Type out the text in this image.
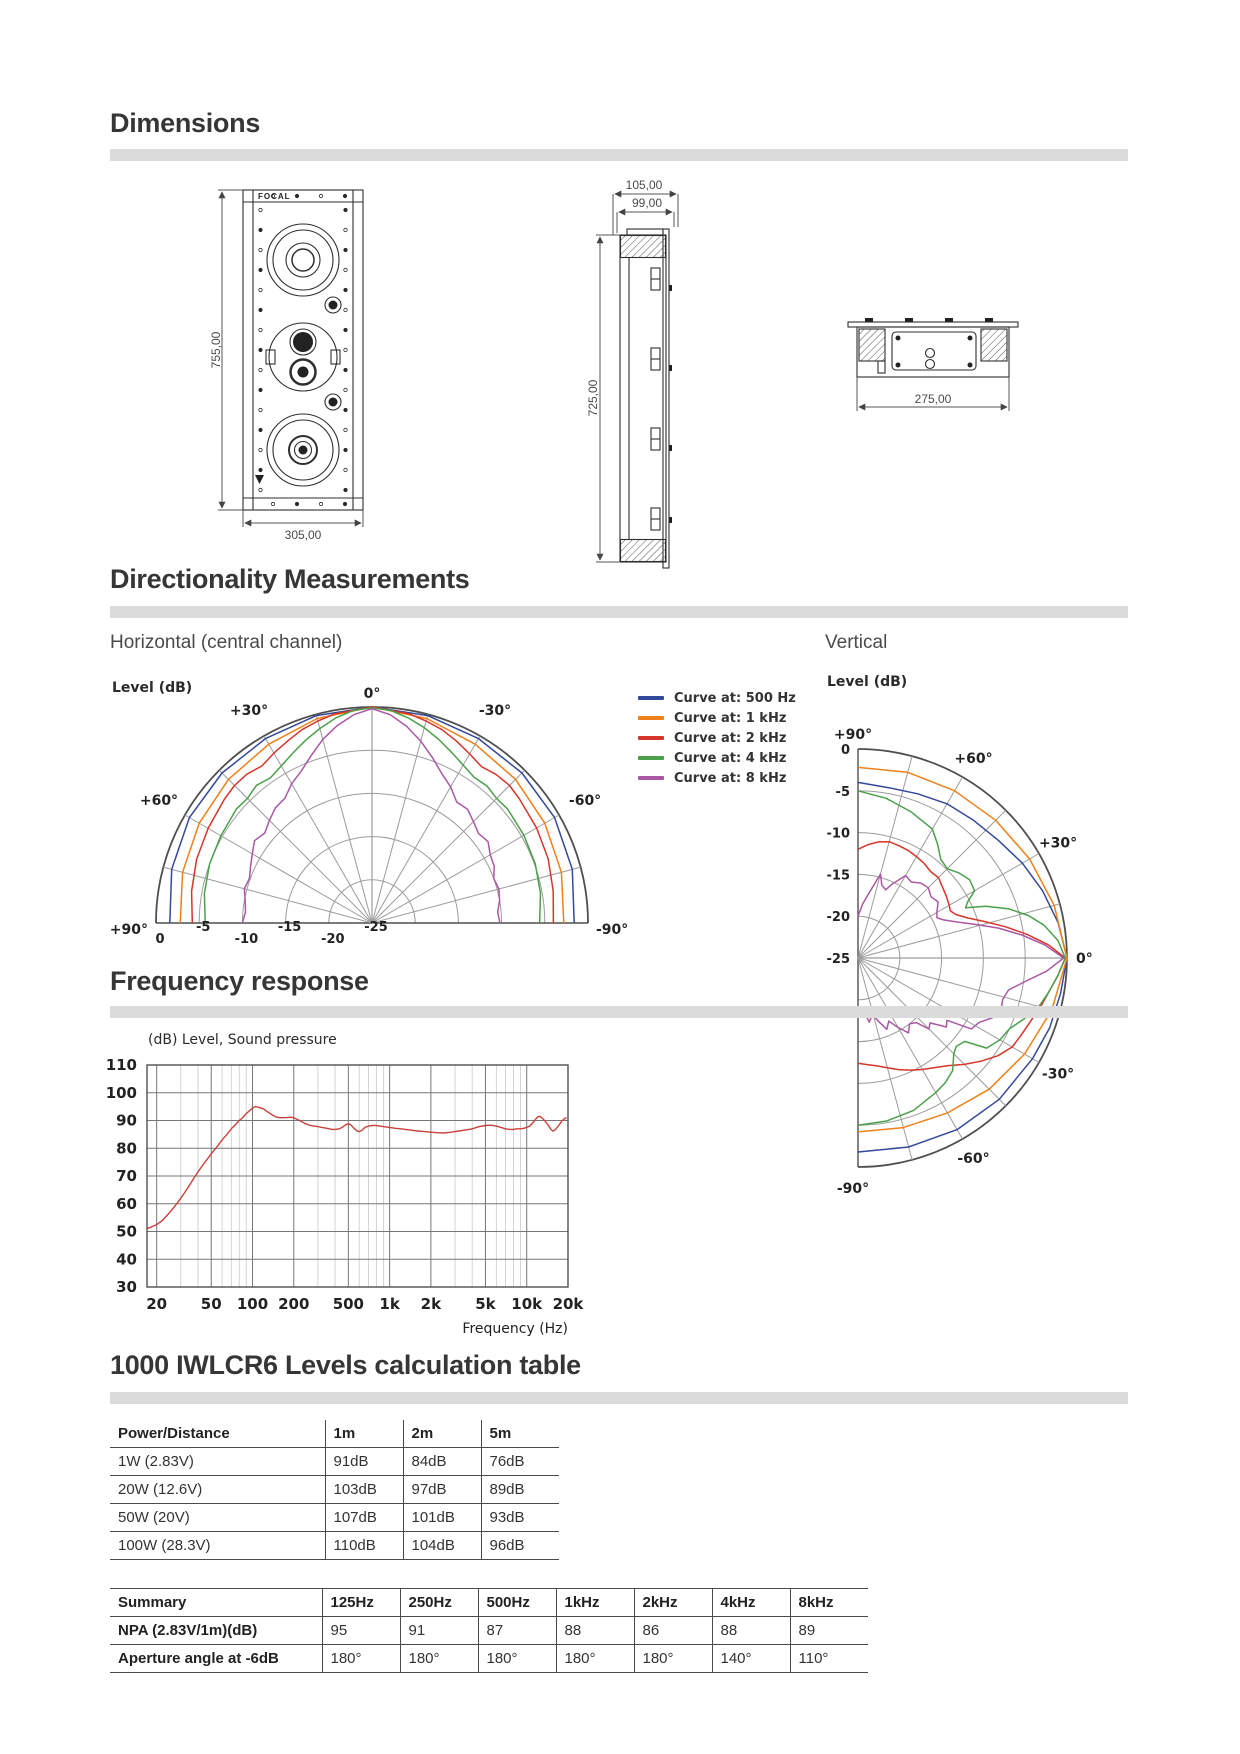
Dimensions
FOCAL
755,00
305,00
105,00
99,00
725,00	275,00
Directionality Measurements
Horizontal (central channel)
Level (dB)
0
-5
-10
-15
-20
-25
+90°
+60°
+30°
0°
-30°
-60°
-90°
Curve at: 500 Hz
Curve at: 1 kHz
Curve at: 2 kHz
Curve at: 4 kHz
Curve at: 8 kHz
Vertical
Level (dB)
0
-5
-10
-15
-20
-25
+90°
+60°
+30°
0°
-30°
-60°
-90°
Frequency response
(dB) Level, Sound pressure
20 50 100 200 500 1k 2k 5k 10k 20k
110
100
90
80
70
60
50
40
30
Frequency (Hz)
1000 IWLCR6 Levels calculation table
Power/Distance	1m	2m	5m
1W (2.83V)	91dB	84dB	76dB
20W (12.6V)	103dB	97dB	89dB
50W (20V)	107dB	101dB	93dB
100W (28.3V)	110dB	104dB	96dB
Summary	125Hz	250Hz	500Hz	1kHz	2kHz	4kHz	8kHz
NPA (2.83V/1m)(dB)	95	91	87	88	86	88	89
Aperture angle at -6dB	180°	180°	180°	180°	180°	140°	110°
